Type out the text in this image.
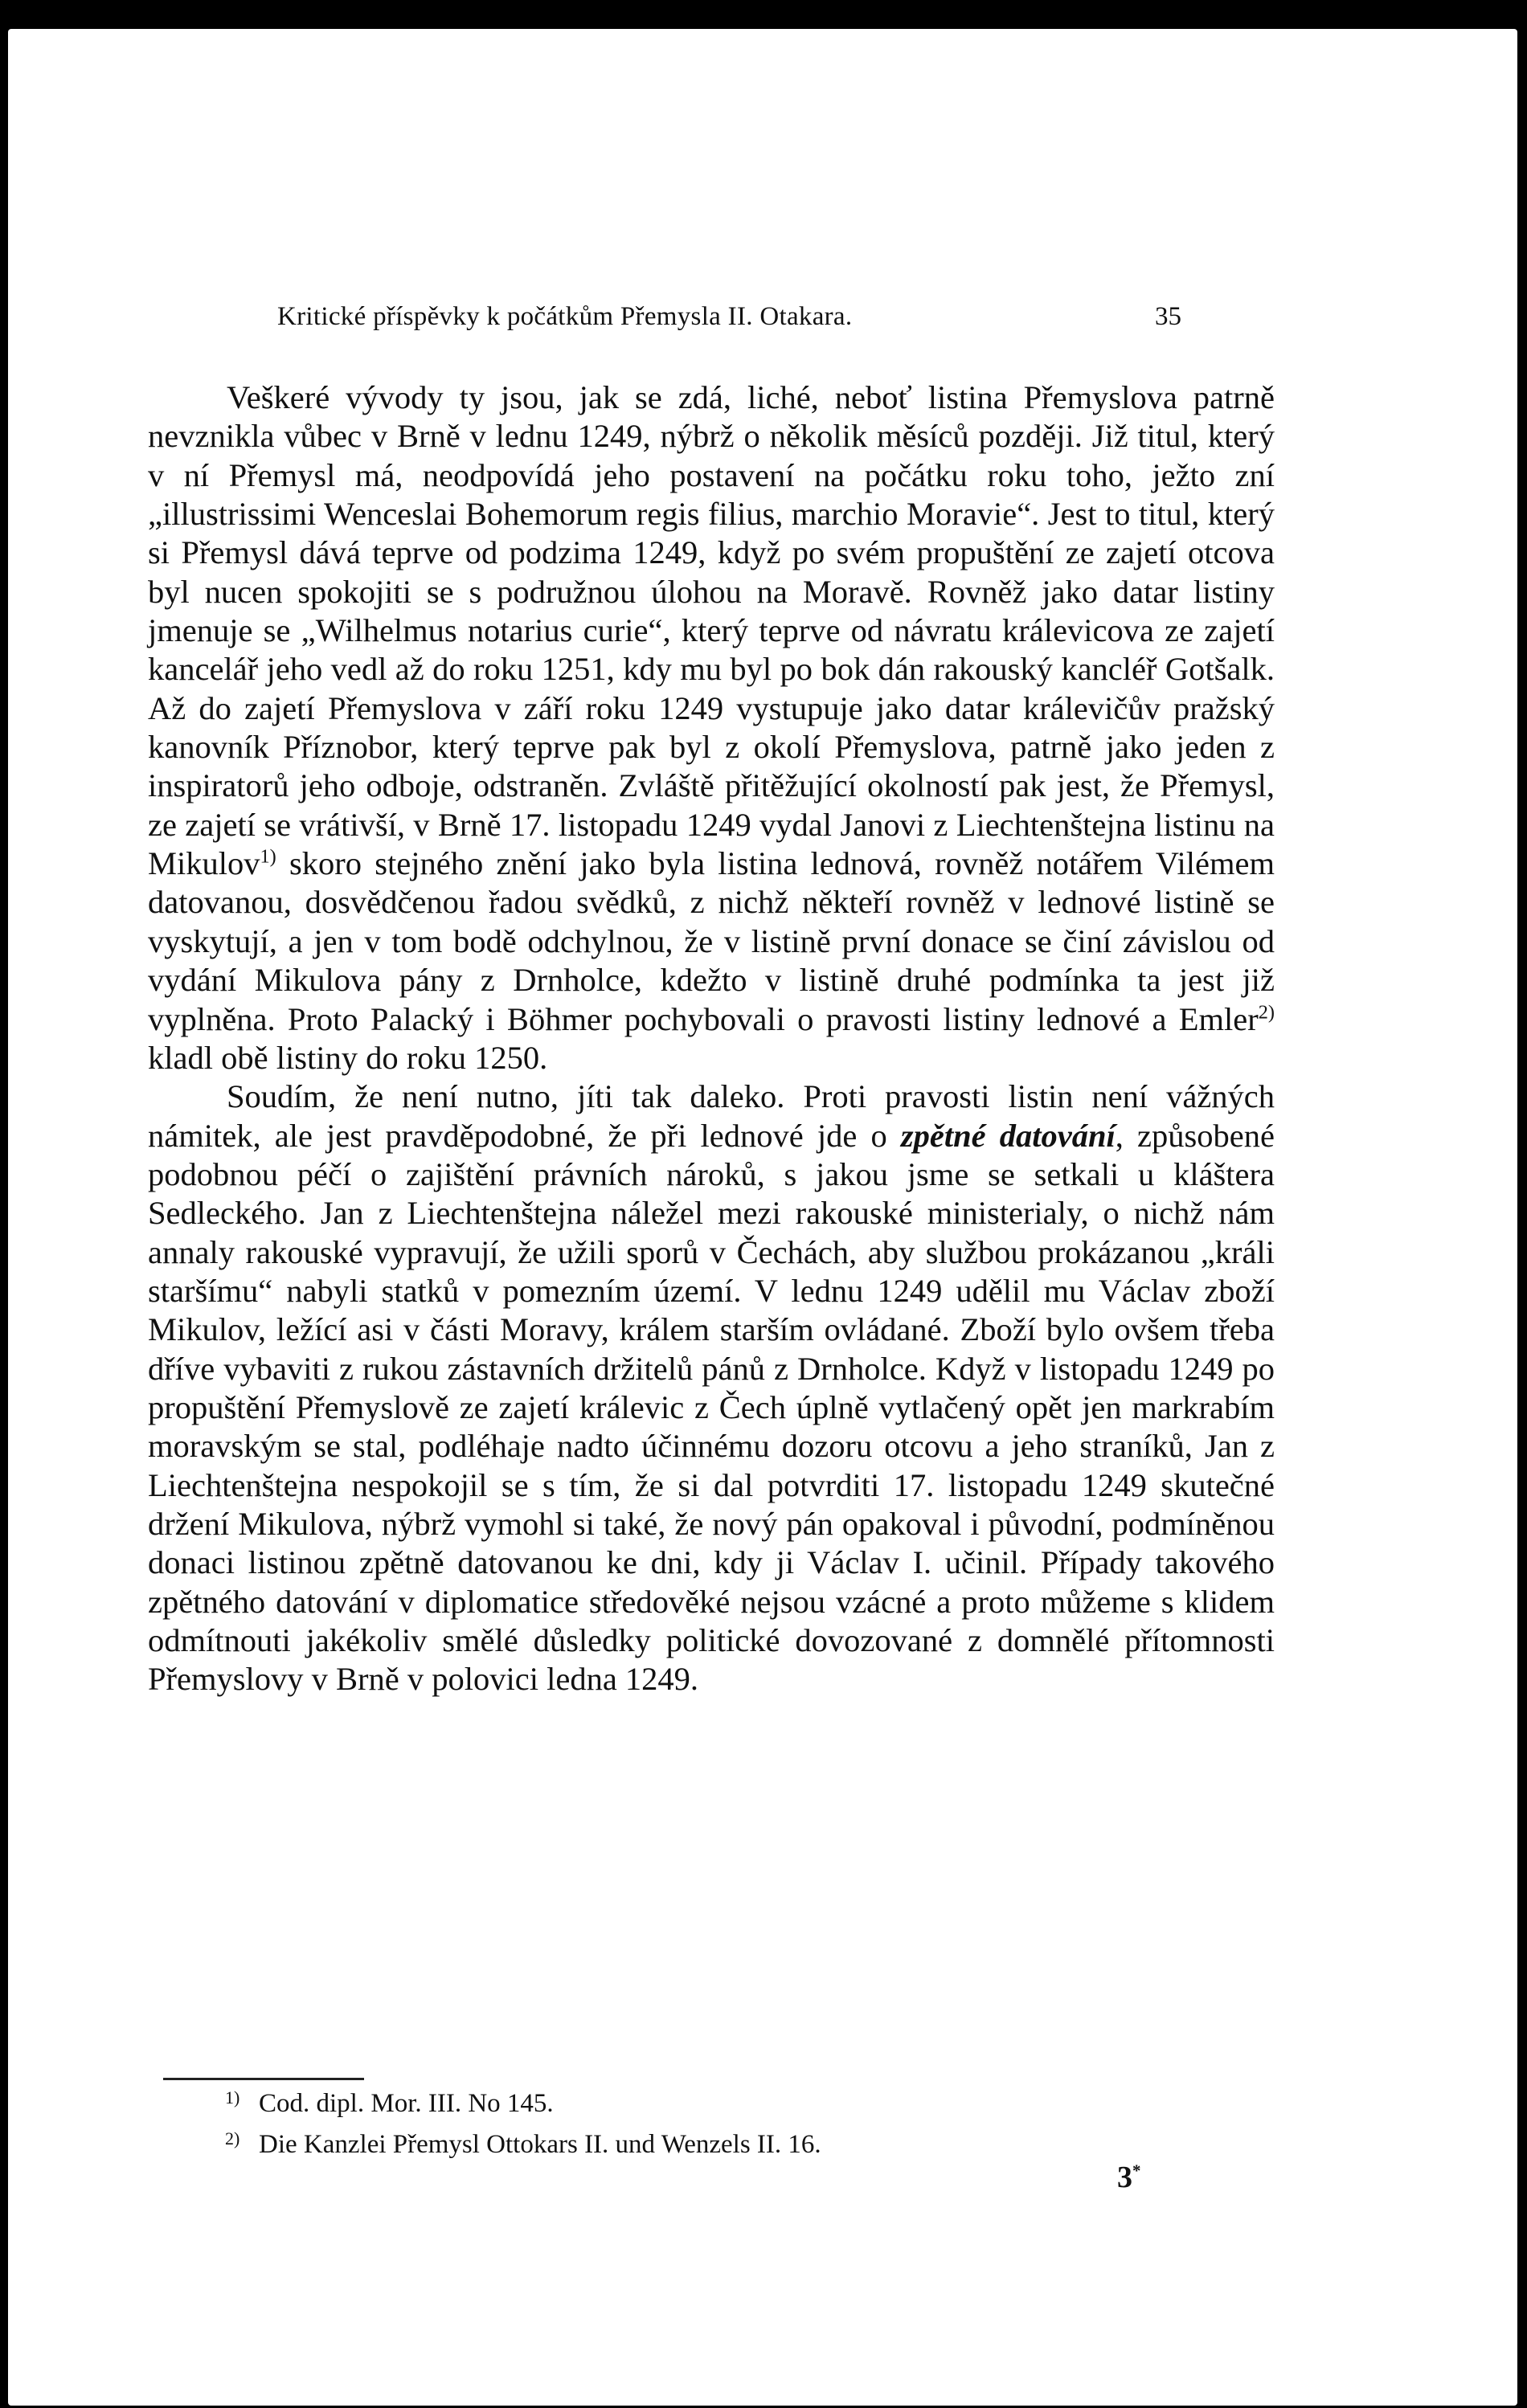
Kritické příspěvky k počátkům Přemysla II. Otakara.	35

Veškeré vývody ty jsou, jak se zdá, liché, neboť listina Přemyslova patrně nevznikla vůbec v Brně v lednu 1249, nýbrž o několik měsíců později. Již titul, který v ní Přemysl má, neodpovídá jeho postavení na počátku roku toho, ježto zní „illustrissimi Wenceslai Bohemorum regis filius, marchio Moravie“. Jest to titul, který si Přemysl dává teprve od podzima 1249, když po svém propuštění ze zajetí otcova byl nucen spokojiti se s podružnou úlohou na Moravě. Rovněž jako datar listiny jmenuje se „Wilhelmus notarius curie“, který teprve od návratu králevicova ze zajetí kancelář jeho vedl až do roku 1251, kdy mu byl po bok dán rakouský kancléř Gotšalk. Až do zajetí Přemyslova v září roku 1249 vystupuje jako datar králevičův pražský kanovník Příznobor, který teprve pak byl z okolí Přemyslova, patrně jako jeden z inspiratorů jeho odboje, odstraněn. Zvláště přitěžující okolností pak jest, že Přemysl, ze zajetí se vrátivší, v Brně 17. listopadu 1249 vydal Janovi z Liechtenštejna listinu na Mikulov$^{1)}$ skoro stejného znění jako byla listina lednová, rovněž notářem Vilémem datovanou, dosvědčenou řadou svědků, z nichž někteří rovněž v lednové listině se vyskytují, a jen v tom bodě odchylnou, že v listině první donace se činí závislou od vydání Mikulova pány z Drnholce, kdežto v listině druhé podmínka ta jest již vyplněna. Proto Palacký i Böhmer pochybovali o pravosti listiny lednové a Emler$^{2)}$ kladl obě listiny do roku 1250.

Soudím, že není nutno, jíti tak daleko. Proti pravosti listin není vážných námitek, ale jest pravděpodobné, že při lednové jde o zpětné datování, způsobené podobnou péčí o zajištění právních nároků, s jakou jsme se setkali u kláštera Sedleckého. Jan z Liechtenštejna náležel mezi rakouské ministerialy, o nichž nám annaly rakouské vypravují, že užili sporů v Čechách, aby službou prokázanou „králi staršímu“ nabyli statků v pomezním území. V lednu 1249 udělil mu Václav zboží Mikulov, ležící asi v části Moravy, králem starším ovládané. Zboží bylo ovšem třeba dříve vybaviti z rukou zástavních držitelů pánů z Drnholce. Když v listopadu 1249 po propuštění Přemyslově ze zajetí králevic z Čech úplně vytlačený opět jen markrabím moravským se stal, podléhaje nadto účinnému dozoru otcovu a jeho straníků, Jan z Liechtenštejna nespokojil se s tím, že si dal potvrditi 17. listopadu 1249 skutečné držení Mikulova, nýbrž vymohl si také, že nový pán opakoval i původní, podmíněnou donaci listinou zpětně datovanou ke dni, kdy ji Václav I. učinil. Případy takového zpětného datování v diplomatice středověké nejsou vzácné a proto můžeme s klidem odmítnouti jakékoliv smělé důsledky politické dovozované z domnělé přítomnosti Přemyslovy v Brně v polovici ledna 1249.

1) Cod. dipl. Mor. III. No 145.
2) Die Kanzlei Přemysl Ottokars II. und Wenzels II. 16.
3*
